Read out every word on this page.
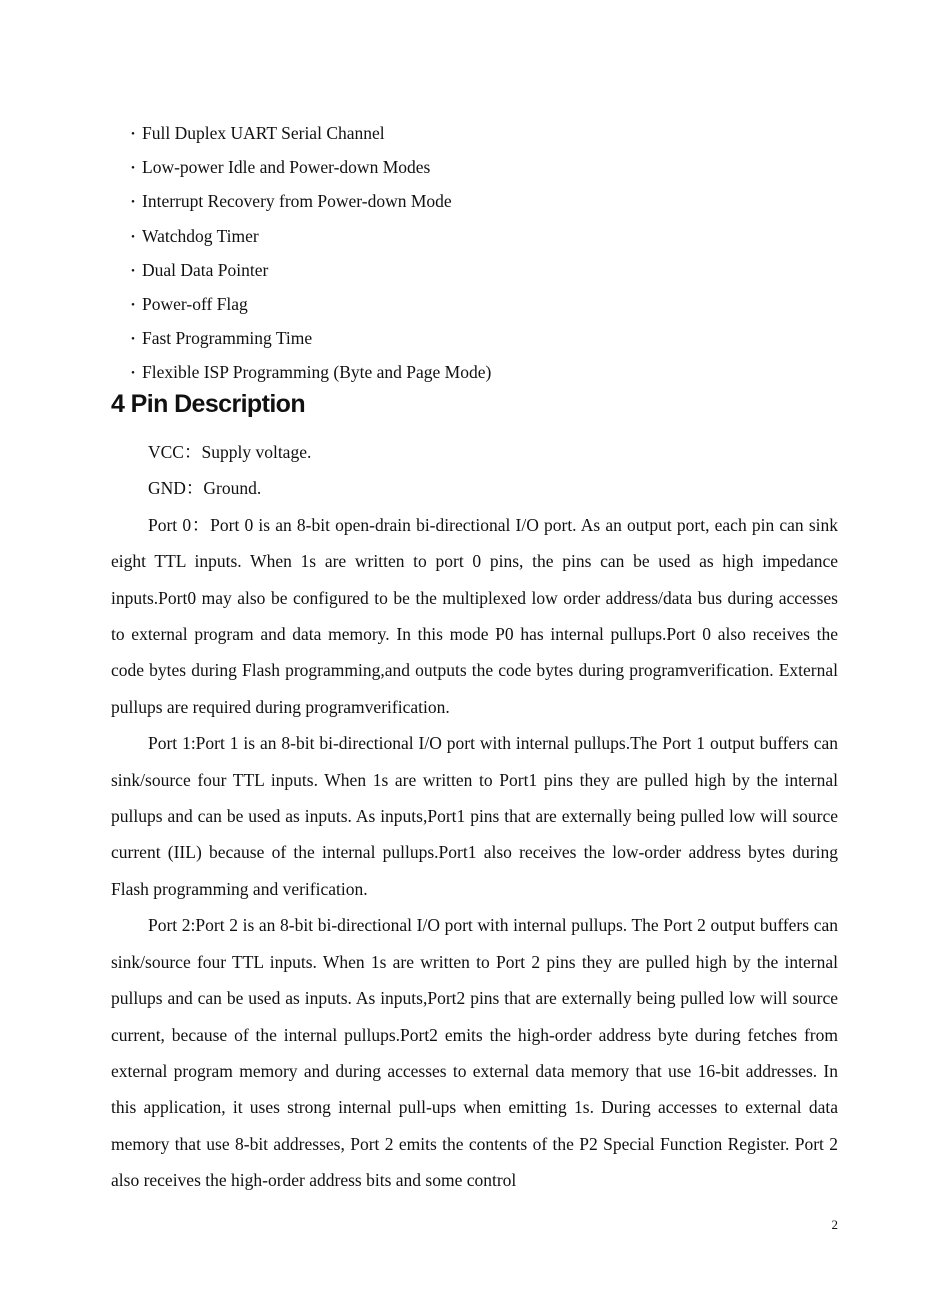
・ Full Duplex UART Serial Channel
・ Low-power Idle and Power-down Modes
・ Interrupt Recovery from Power-down Mode
・ Watchdog Timer
・ Dual Data Pointer
・ Power-off Flag
・ Fast Programming Time
・ Flexible ISP Programming (Byte and Page Mode)
4 Pin Description

VCC：Supply voltage.

GND：Ground.

Port 0：Port 0 is an 8-bit open-drain bi-directional I/O port. As an output port, each pin can sink eight TTL inputs. When 1s are written to port 0 pins, the pins can be used as high impedance inputs.Port0 may also be configured to be the multiplexed low order address/data bus during accesses to external program and data memory. In this mode P0 has internal pullups.Port 0 also receives the code bytes during Flash programming,and outputs the code bytes during programverification. External pullups are required during programverification.

Port 1:Port 1 is an 8-bit bi-directional I/O port with internal pullups.The Port 1 output buffers can sink/source four TTL inputs. When 1s are written to Port1 pins they are pulled high by the internal pullups and can be used as inputs. As inputs,Port1 pins that are externally being pulled low will source current (IIL) because of the internal pullups.Port1 also receives the low-order address bytes during Flash programming and verification.

Port 2:Port 2 is an 8-bit bi-directional I/O port with internal pullups. The Port 2 output buffers can sink/source four TTL inputs. When 1s are written to Port 2 pins they are pulled high by the internal pullups and can be used as inputs. As inputs,Port2 pins that are externally being pulled low will source current, because of the internal pullups.Port2 emits the high-order address byte during fetches from external program memory and during accesses to external data memory that use 16-bit addresses. In this application, it uses strong internal pull-ups when emitting 1s. During accesses to external data memory that use 8-bit addresses, Port 2 emits the contents of the P2 Special Function Register. Port 2 also receives the high-order address bits and some control

2
